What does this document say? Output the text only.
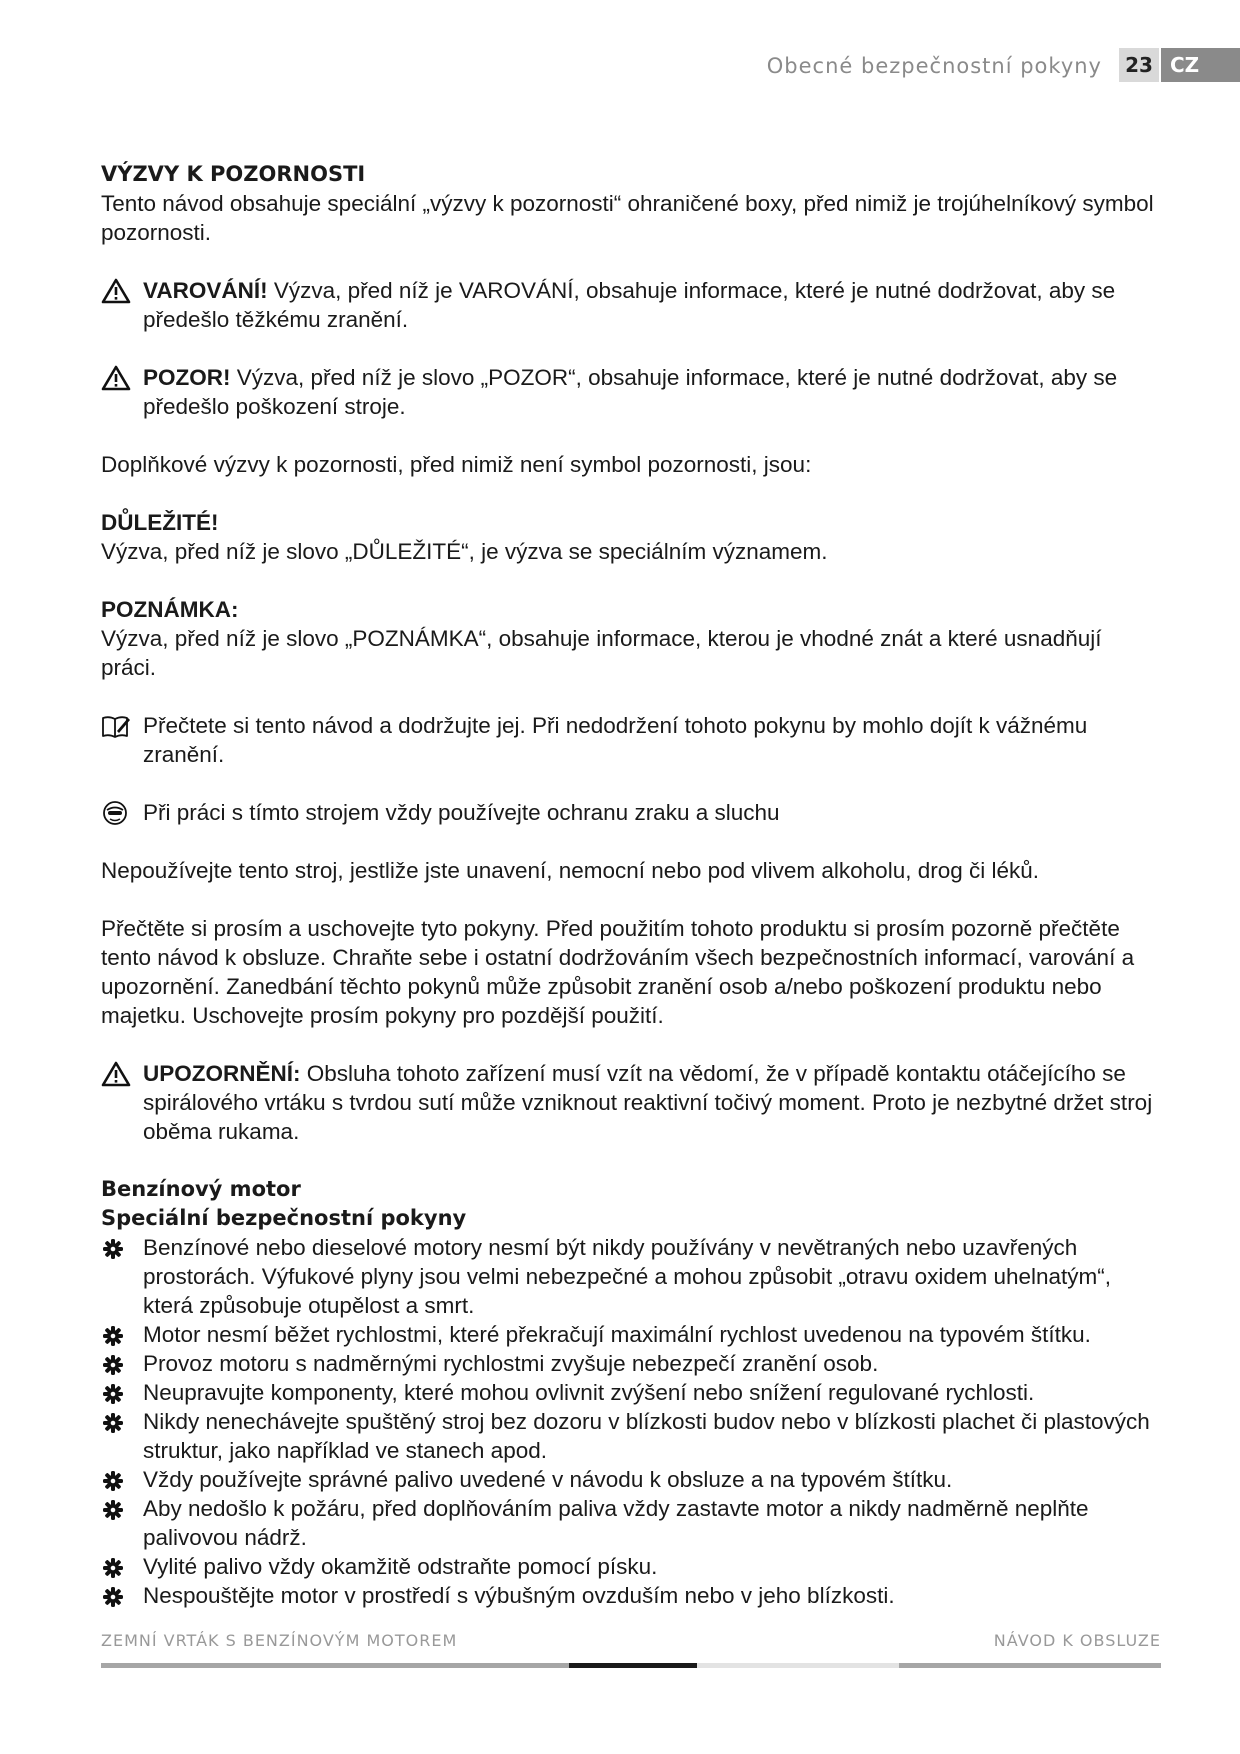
Obecné bezpečnostní pokyny	23 CZ

VÝZVY K POZORNOSTI

Tento návod obsahuje speciální „výzvy k pozornosti“ ohraničené boxy, před nimiž je trojúhelníkový symbol pozornosti.

VAROVÁNÍ! Výzva, před níž je VAROVÁNÍ, obsahuje informace, které je nutné dodržovat, aby se předešlo těžkému zranění.
POZOR! Výzva, před níž je slovo „POZOR“, obsahuje informace, které je nutné dodržovat, aby se předešlo poškození stroje.

Doplňkové výzvy k pozornosti, před nimiž není symbol pozornosti, jsou:

DŮLEŽITÉ!

Výzva, před níž je slovo „DŮLEŽITÉ“, je výzva se speciálním významem.

POZNÁMKA:

Výzva, před níž je slovo „POZNÁMKA“, obsahuje informace, kterou je vhodné znát a které usnadňují práci.

Přečtete si tento návod a dodržujte jej. Při nedodržení tohoto pokynu by mohlo dojít k vážnému zranění.
Při práci s tímto strojem vždy používejte ochranu zraku a sluchu

Nepoužívejte tento stroj, jestliže jste unavení, nemocní nebo pod vlivem alkoholu, drog či léků.

Přečtěte si prosím a uschovejte tyto pokyny. Před použitím tohoto produktu si prosím pozorně přečtěte tento návod k obsluze. Chraňte sebe i ostatní dodržováním všech bezpečnostních informací, varování a upozornění. Zanedbání těchto pokynů může způsobit zranění osob a/nebo poškození produktu nebo majetku. Uschovejte prosím pokyny pro pozdější použití.

UPOZORNĚNÍ: Obsluha tohoto zařízení musí vzít na vědomí, že v případě kontaktu otáčejícího se spirálového vrtáku s tvrdou sutí může vzniknout reaktivní točivý moment. Proto je nezbytné držet stroj oběma rukama.

Benzínový motor

Speciální bezpečnostní pokyny

Benzínové nebo dieselové motory nesmí být nikdy používány v nevětraných nebo uzavřených prostorách. Výfukové plyny jsou velmi nebezpečné a mohou způsobit „otravu oxidem uhelnatým“, která způsobuje otupělost a smrt.
Motor nesmí běžet rychlostmi, které překračují maximální rychlost uvedenou na typovém štítku.
Provoz motoru s nadměrnými rychlostmi zvyšuje nebezpečí zranění osob.
Neupravujte komponenty, které mohou ovlivnit zvýšení nebo snížení regulované rychlosti.
Nikdy nenechávejte spuštěný stroj bez dozoru v blízkosti budov nebo v blízkosti plachet či plastových struktur, jako například ve stanech apod.
Vždy používejte správné palivo uvedené v návodu k obsluze a na typovém štítku.
Aby nedošlo k požáru, před doplňováním paliva vždy zastavte motor a nikdy nadměrně neplňte palivovou nádrž.
Vylité palivo vždy okamžitě odstraňte pomocí písku.
Nespouštějte motor v prostředí s výbušným ovzduším nebo v jeho blízkosti.
ZEMNÍ VRTÁK S BENZÍNOVÝM MOTOREM	NÁVOD K OBSLUZE
